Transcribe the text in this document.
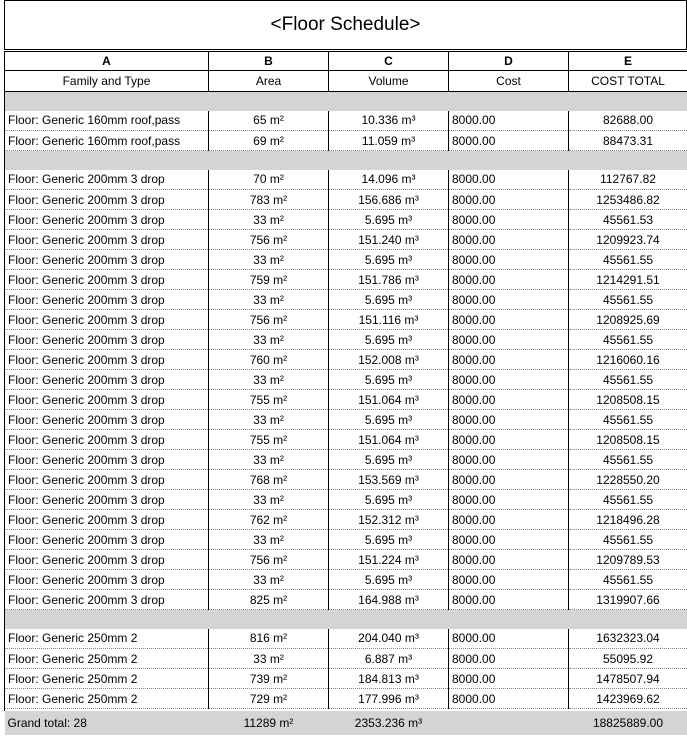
<Floor Schedule>
A	B	C	D	E
Family and Type	Area	Volume	Cost	COST TOTAL

Floor: Generic 160mm roof,pass	65 m²	10.336 m³	8000.00	82688.00
Floor: Generic 160mm roof,pass	69 m²	11.059 m³	8000.00	88473.31

Floor: Generic 200mm 3 drop	70 m²	14.096 m³	8000.00	112767.82
Floor: Generic 200mm 3 drop	783 m²	156.686 m³	8000.00	1253486.82
Floor: Generic 200mm 3 drop	33 m²	5.695 m³	8000.00	45561.53
Floor: Generic 200mm 3 drop	756 m²	151.240 m³	8000.00	1209923.74
Floor: Generic 200mm 3 drop	33 m²	5.695 m³	8000.00	45561.55
Floor: Generic 200mm 3 drop	759 m²	151.786 m³	8000.00	1214291.51
Floor: Generic 200mm 3 drop	33 m²	5.695 m³	8000.00	45561.55
Floor: Generic 200mm 3 drop	756 m²	151.116 m³	8000.00	1208925.69
Floor: Generic 200mm 3 drop	33 m²	5.695 m³	8000.00	45561.55
Floor: Generic 200mm 3 drop	760 m²	152.008 m³	8000.00	1216060.16
Floor: Generic 200mm 3 drop	33 m²	5.695 m³	8000.00	45561.55
Floor: Generic 200mm 3 drop	755 m²	151.064 m³	8000.00	1208508.15
Floor: Generic 200mm 3 drop	33 m²	5.695 m³	8000.00	45561.55
Floor: Generic 200mm 3 drop	755 m²	151.064 m³	8000.00	1208508.15
Floor: Generic 200mm 3 drop	33 m²	5.695 m³	8000.00	45561.55
Floor: Generic 200mm 3 drop	768 m²	153.569 m³	8000.00	1228550.20
Floor: Generic 200mm 3 drop	33 m²	5.695 m³	8000.00	45561.55
Floor: Generic 200mm 3 drop	762 m²	152.312 m³	8000.00	1218496.28
Floor: Generic 200mm 3 drop	33 m²	5.695 m³	8000.00	45561.55
Floor: Generic 200mm 3 drop	756 m²	151.224 m³	8000.00	1209789.53
Floor: Generic 200mm 3 drop	33 m²	5.695 m³	8000.00	45561.55
Floor: Generic 200mm 3 drop	825 m²	164.988 m³	8000.00	1319907.66

Floor: Generic 250mm 2	816 m²	204.040 m³	8000.00	1632323.04
Floor: Generic 250mm 2	33 m²	6.887 m³	8000.00	55095.92
Floor: Generic 250mm 2	739 m²	184.813 m³	8000.00	1478507.94
Floor: Generic 250mm 2	729 m²	177.996 m³	8000.00	1423969.62

Grand total: 28	11289 m²	2353.236 m³		18825889.00
